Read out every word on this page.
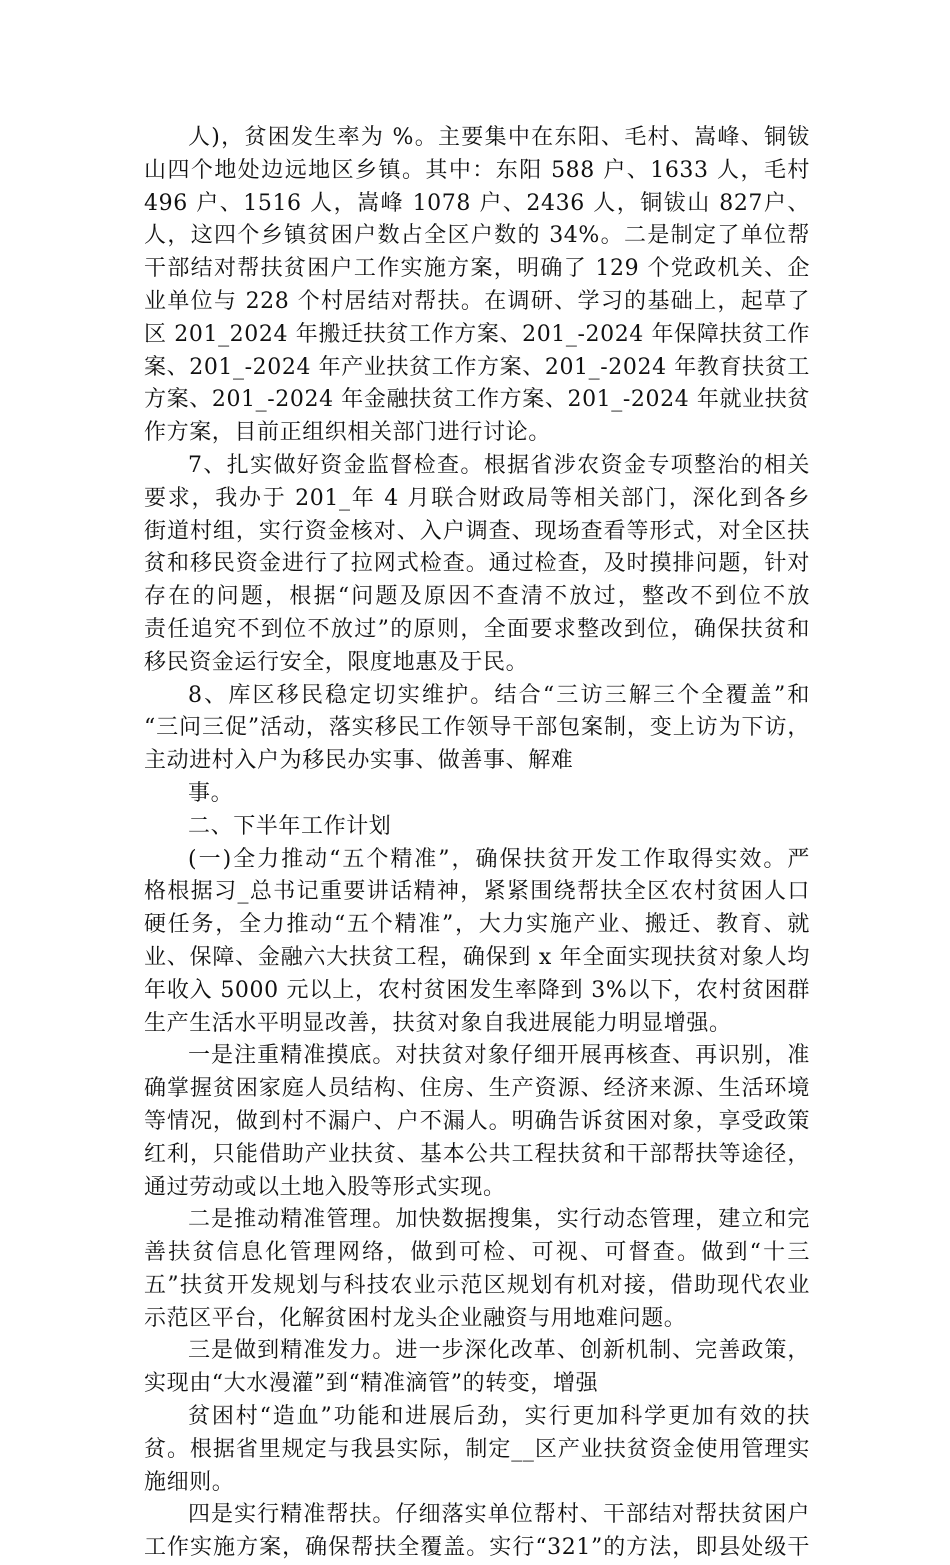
人)，贫困发生率为 %。主要集中在东阳、毛村、嵩峰、铜钹
山四个地处边远地区乡镇。其中：东阳 588 户、1633 人，毛村
496 户、1516 人，嵩峰 1078 户、2436 人，铜钹山 827户、
人，这四个乡镇贫困户数占全区户数的 34%。二是制定了单位帮
干部结对帮扶贫困户工作实施方案，明确了 129 个党政机关、企
业单位与 228 个村居结对帮扶。在调研、学习的基础上，起草了
区 201_2024 年搬迁扶贫工作方案、201_-2024 年保障扶贫工作
案、201_-2024 年产业扶贫工作方案、201_-2024 年教育扶贫工
方案、201_-2024 年金融扶贫工作方案、201_-2024 年就业扶贫
作方案，目前正组织相关部门进行讨论。
7、扎实做好资金监督检查。根据省涉农资金专项整治的相关
要求，我办于 201_年 4 月联合财政局等相关部门，深化到各乡
街道村组，实行资金核对、入户调查、现场查看等形式，对全区扶
贫和移民资金进行了拉网式检查。通过检查，及时摸排问题，针对
存在的问题，根据“问题及原因不查清不放过，整改不到位不放
责任追究不到位不放过”的原则，全面要求整改到位，确保扶贫和
移民资金运行安全，限度地惠及于民。
8、库区移民稳定切实维护。结合“三访三解三个全覆盖”和
“三问三促”活动，落实移民工作领导干部包案制，变上访为下访，
主动进村入户为移民办实事、做善事、解难
事。
二、下半年工作计划
(一)全力推动“五个精准”，确保扶贫开发工作取得实效。严
格根据习_总书记重要讲话精神，紧紧围绕帮扶全区农村贫困人口
硬任务，全力推动“五个精准”，大力实施产业、搬迁、教育、就
业、保障、金融六大扶贫工程，确保到 x 年全面实现扶贫对象人均
年收入 5000 元以上，农村贫困发生率降到 3%以下，农村贫困群
生产生活水平明显改善，扶贫对象自我进展能力明显增强。
一是注重精准摸底。对扶贫对象仔细开展再核查、再识别，准
确掌握贫困家庭人员结构、住房、生产资源、经济来源、生活环境
等情况，做到村不漏户、户不漏人。明确告诉贫困对象，享受政策
红利，只能借助产业扶贫、基本公共工程扶贫和干部帮扶等途径，
通过劳动或以土地入股等形式实现。
二是推动精准管理。加快数据搜集，实行动态管理，建立和完
善扶贫信息化管理网络，做到可检、可视、可督查。做到“十三
五”扶贫开发规划与科技农业示范区规划有机对接，借助现代农业
示范区平台，化解贫困村龙头企业融资与用地难问题。
三是做到精准发力。进一步深化改革、创新机制、完善政策，
实现由“大水漫灌”到“精准滴管”的转变，增强
贫困村“造血”功能和进展后劲，实行更加科学更加有效的扶
贫。根据省里规定与我县实际，制定__区产业扶贫资金使用管理实
施细则。
四是实行精准帮扶。仔细落实单位帮村、干部结对帮扶贫困户
工作实施方案，确保帮扶全覆盖。实行“321”的方法，即县处级干
